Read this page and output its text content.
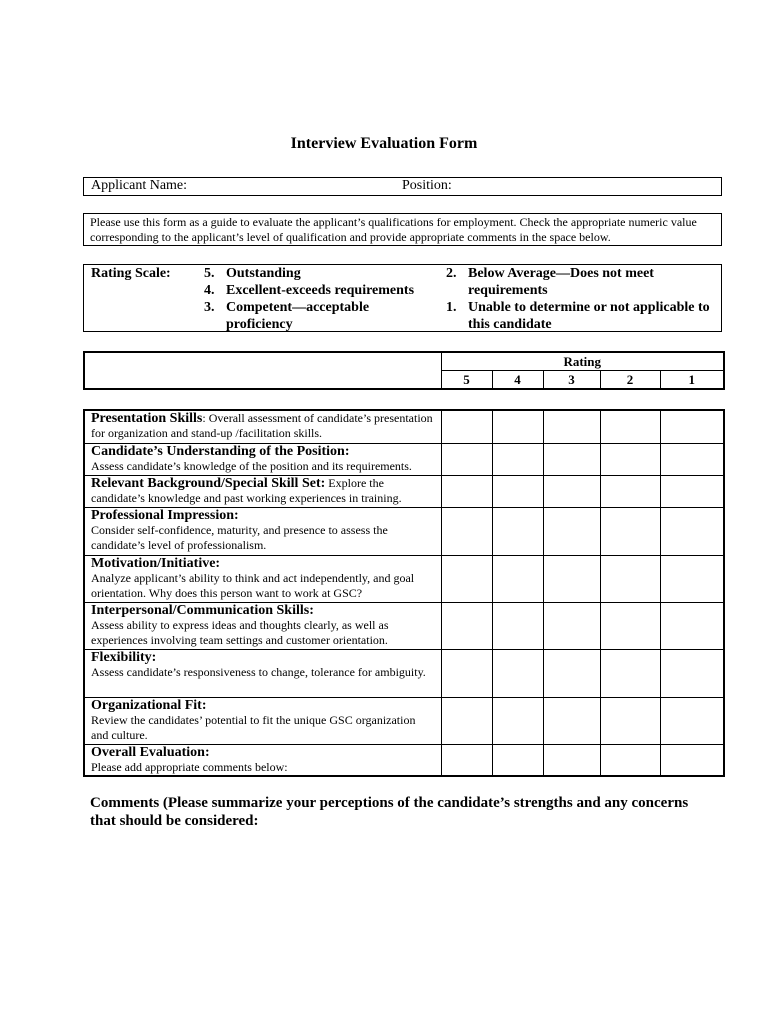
Interview Evaluation Form
Applicant Name:	Position:
Please use this form as a guide to evaluate the applicant’s qualifications for employment. Check the appropriate numeric value corresponding to the applicant’s level of qualification and provide appropriate comments in the space below.
Rating Scale: 5. Outstanding
4. Excellent-exceeds requirements
3. Competent—acceptable proficiency
2. Below Average—Does not meet requirements
1. Unable to determine or not applicable to this candidate
	Rating				
	5	4	3	2	1
Presentation Skills: Overall assessment of candidate’s presentation for organization and stand-up /facilitation skills.					
Candidate’s Understanding of the Position:
Assess candidate’s knowledge of the position and its requirements.					
Relevant Background/Special Skill Set: Explore the candidate’s knowledge and past working experiences in training.					
Professional Impression:
Consider self-confidence, maturity, and presence to assess the candidate’s level of professionalism.					
Motivation/Initiative:
Analyze applicant’s ability to think and act independently, and goal orientation. Why does this person want to work at GSC?					
Interpersonal/Communication Skills:
Assess ability to express ideas and thoughts clearly, as well as experiences involving team settings and customer orientation.					
Flexibility:
Assess candidate’s responsiveness to change, tolerance for ambiguity.					
Organizational Fit:
Review the candidates’ potential to fit the unique GSC organization and culture.					
Overall Evaluation:
Please add appropriate comments below:					
Comments (Please summarize your perceptions of the candidate’s strengths and any concerns that should be considered:
